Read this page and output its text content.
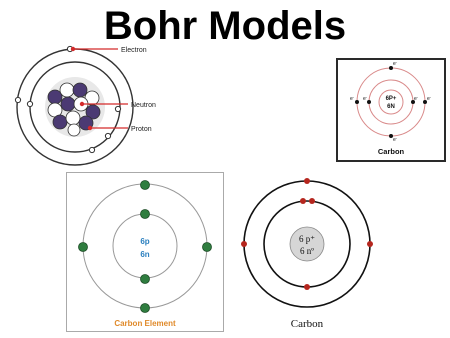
Bohr Models
Electron
Neutron
Proton
6P+
6N
e-
e-
e-	e-
e-	e-
Carbon
6p
6n
Carbon Element
6 p⁺
6 nº
Carbon
